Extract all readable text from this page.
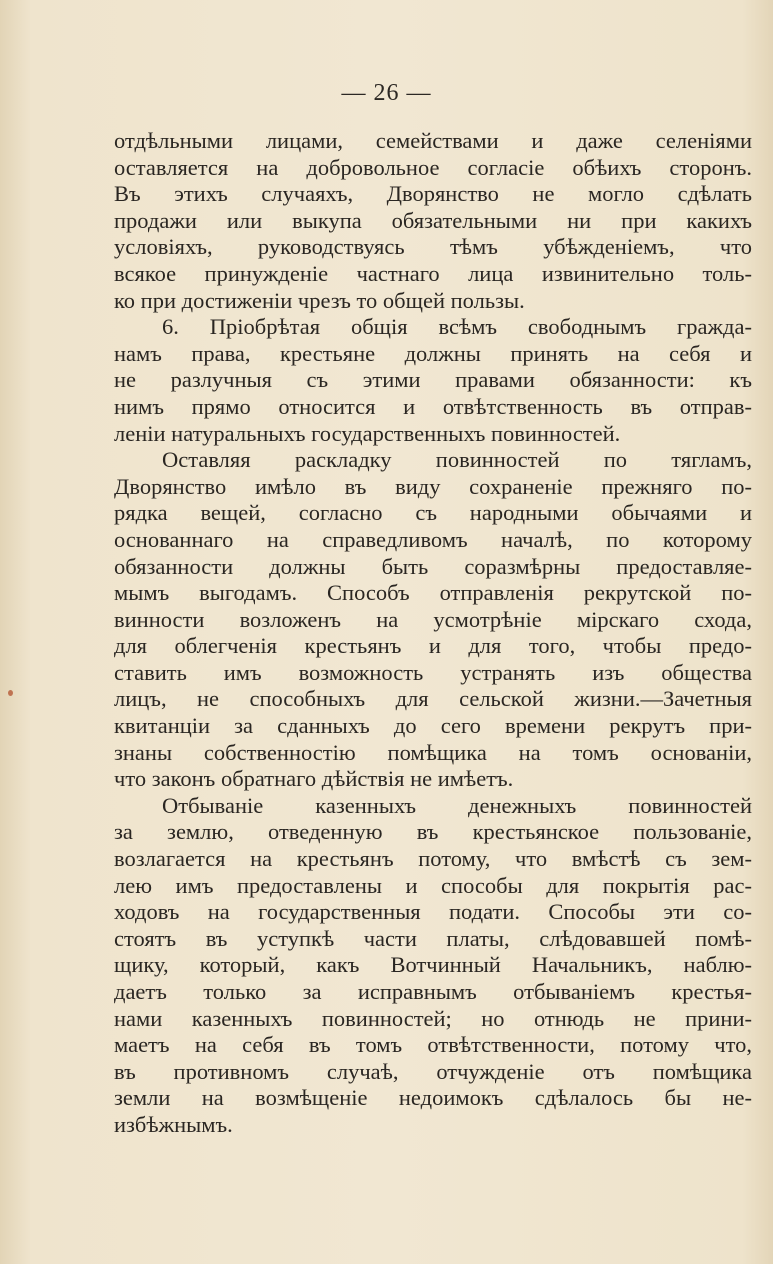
— 26 —
отдѣльными лицами, семействами и даже селеніями
оставляется на добровольное согласіе обѣихъ сторонъ.
Въ этихъ случаяхъ, Дворянство не могло сдѣлать
продажи или выкупа обязательными ни при какихъ
условіяхъ, руководствуясь тѣмъ убѣжденіемъ, что
всякое принужденіе частнаго лица извинительно толь-
ко при достиженіи чрезъ то общей пользы.
6. Пріобрѣтая общія всѣмъ свободнымъ гражда-
намъ права, крестьяне должны принять на себя и
не разлучныя съ этими правами обязанности: къ
нимъ прямо относится и отвѣтственность въ отправ-
леніи натуральныхъ государственныхъ повинностей.
Оставляя раскладку повинностей по тягламъ,
Дворянство имѣло въ виду сохраненіе прежняго по-
рядка вещей, согласно съ народными обычаями и
основаннаго на справедливомъ началѣ, по которому
обязанности должны быть соразмѣрны предоставляе-
мымъ выгодамъ. Способъ отправленія рекрутской по-
винности возложенъ на усмотрѣніе мірскаго схода,
для облегченія крестьянъ и для того, чтобы предо-
ставить имъ возможность устранять изъ общества
лицъ, не способныхъ для сельской жизни.—Зачетныя
квитанціи за сданныхъ до сего времени рекрутъ при-
знаны собственностію помѣщика на томъ основаніи,
что законъ обратнаго дѣйствія не имѣетъ.
Отбываніе казенныхъ денежныхъ повинностей
за землю, отведенную въ крестьянское пользованіе,
возлагается на крестьянъ потому, что вмѣстѣ съ зем-
лею имъ предоставлены и способы для покрытія рас-
ходовъ на государственныя подати. Способы эти со-
стоятъ въ уступкѣ части платы, слѣдовавшей помѣ-
щику, который, какъ Вотчинный Начальникъ, наблю-
даетъ только за исправнымъ отбываніемъ крестья-
нами казенныхъ повинностей; но отнюдь не прини-
маетъ на себя въ томъ отвѣтственности, потому что,
въ противномъ случаѣ, отчужденіе отъ помѣщика
земли на возмѣщеніе недоимокъ сдѣлалось бы не-
избѣжнымъ.
